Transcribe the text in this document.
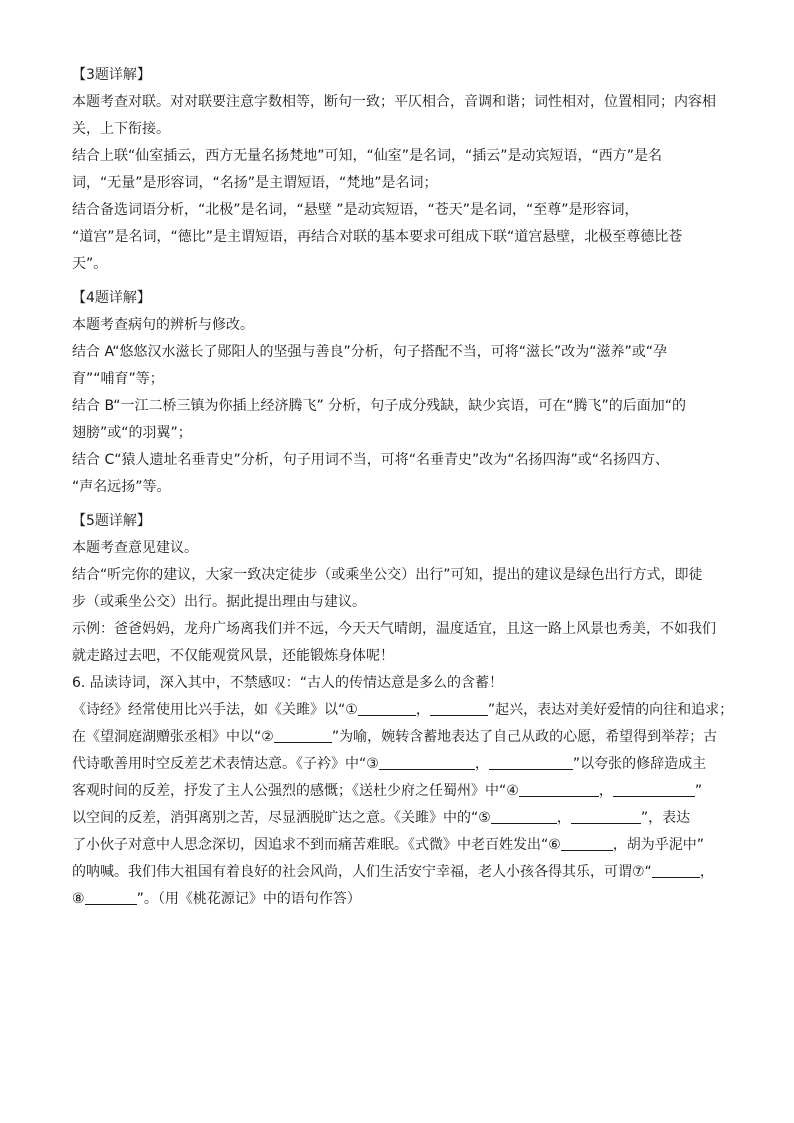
【3题详解】
本题考查对联。对对联要注意字数相等，断句一致；平仄相合，音调和谐；词性相对，位置相同；内容相
关，上下衔接。
结合上联“仙室插云，西方无量名扬梵地”可知，“仙室”是名词，“插云”是动宾短语，“西方”是名
词，“无量”是形容词，“名扬”是主谓短语，“梵地”是名词；
结合备选词语分析，“北极”是名词，“悬壁 ”是动宾短语，“苍天”是名词，“至尊”是形容词，
“道宫”是名词，“德比”是主谓短语，再结合对联的基本要求可组成下联“道宫悬壁，北极至尊德比苍
天”。
【4题详解】
本题考查病句的辨析与修改。
结合 A“悠悠汉水滋长了郧阳人的坚强与善良”分析，句子搭配不当，可将“滋长”改为“滋养”或“孕
育”“哺育”等；
结合 B“一江二桥三镇为你插上经济腾飞” 分析，句子成分残缺，缺少宾语，可在“腾飞”的后面加“的
翅膀”或“的羽翼”；
结合 C“猿人遗址名垂青史”分析，句子用词不当，可将“名垂青史”改为“名扬四海”或“名扬四方、
“声名远扬”等。
【5题详解】
本题考查意见建议。
结合“听完你的建议，大家一致决定徒步（或乘坐公交）出行”可知，提出的建议是绿色出行方式，即徒
步（或乘坐公交）出行。据此提出理由与建议。
示例：爸爸妈妈，龙舟广场离我们并不远，今天天气晴朗，温度适宜，且这一路上风景也秀美，不如我们
就走路过去吧，不仅能观赏风景，还能锻炼身体呢！
6. 品读诗词，深入其中，不禁感叹：“古人的传情达意是多么的含蓄！
《诗经》经常使用比兴手法，如《关雎》以“①	，	”起兴，表达对美好爱情的向往和追求；
在《望洞庭湖赠张丞相》中以“②	”为喻，婉转含蓄地表达了自己从政的心愿，希望得到举荐；古
代诗歌善用时空反差艺术表情达意。《子衿》中“③	，	”以夸张的修辞造成主
客观时间的反差，抒发了主人公强烈的感慨；《送杜少府之任蜀州》中“④	，	”
以空间的反差，消弭离别之苦，尽显洒脱旷达之意。《关雎》中的“⑤	，	”，表达
了小伙子对意中人思念深切，因追求不到而痛苦难眠。《式微》中老百姓发出“⑥	，胡为乎泥中”
的呐喊。我们伟大祖国有着良好的社会风尚，人们生活安宁幸福，老人小孩各得其乐，可谓⑦“	，
⑧	”。（用《桃花源记》中的语句作答）
